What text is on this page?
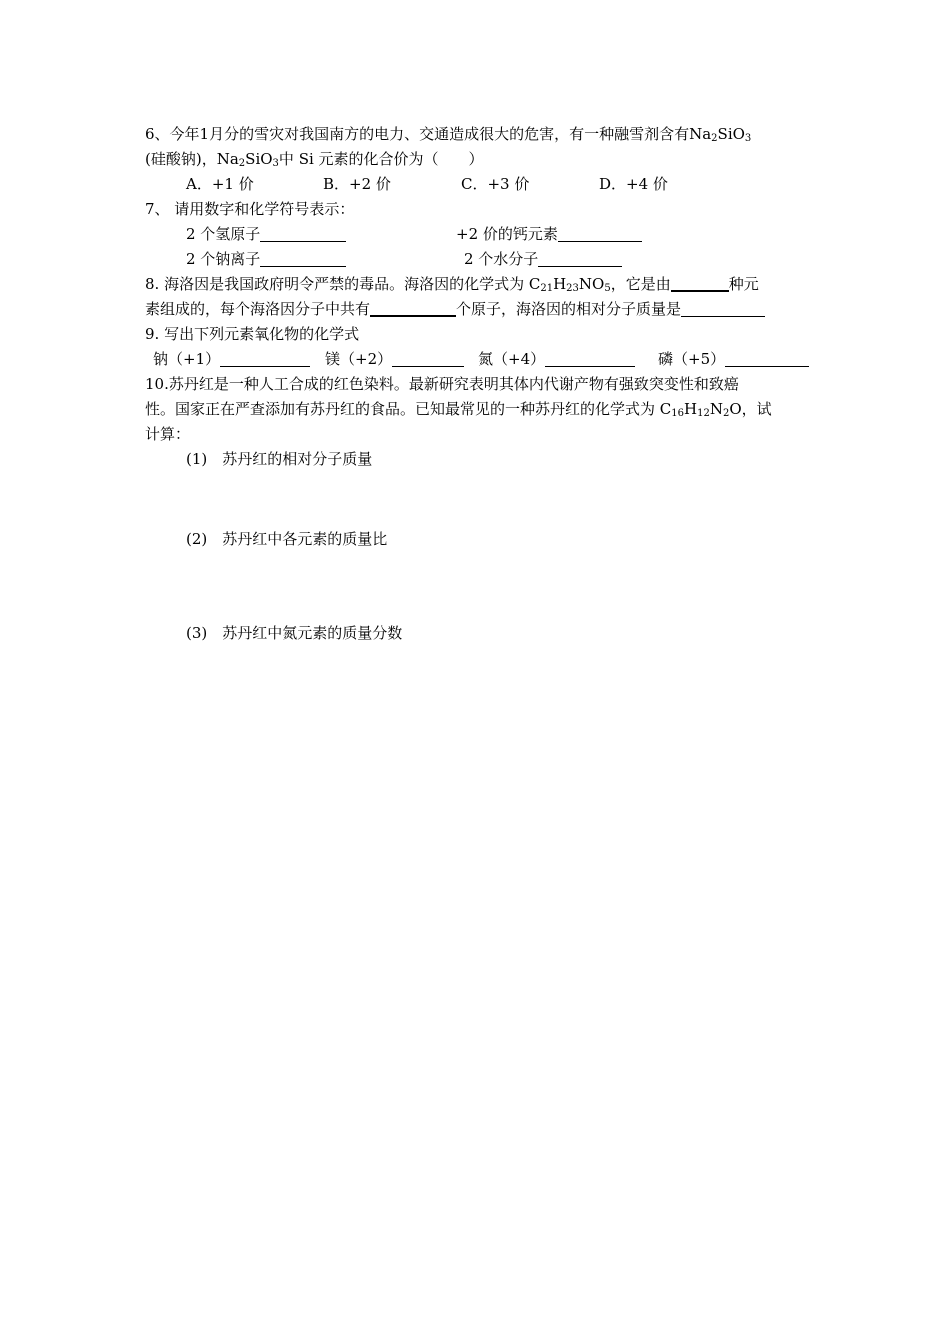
6、今年1月分的雪灾对我国南方的电力、交通造成很大的危害，有一种融雪剂含有$Na_2SiO_3$
(硅酸钠)，$Na_2SiO_3$中 Si 元素的化合价为（　　）
A．+1 价	B．+2 价	C．+3 价	D．+4 价
7、 请用数字和化学符号表示：
2 个氢原子	+2 价的钙元素
2 个钠离子	2 个水分子
8. 海洛因是我国政府明令严禁的毒品。海洛因的化学式为 $C_{21}H_{23}NO_5$，它是由	种元
素组成的，每个海洛因分子中共有	个原子，海洛因的相对分子质量是
9. 写出下列元素氧化物的化学式
钠（+1）	镁（+2）	氮（+4）	磷（+5）
10.苏丹红是一种人工合成的红色染料。最新研究表明其体内代谢产物有强致突变性和致癌
性。国家正在严查添加有苏丹红的食品。已知最常见的一种苏丹红的化学式为 $C_{16}H_{12}N_2O$，试
计算：
(1)　苏丹红的相对分子质量
(2)　苏丹红中各元素的质量比
(3)　苏丹红中氮元素的质量分数
